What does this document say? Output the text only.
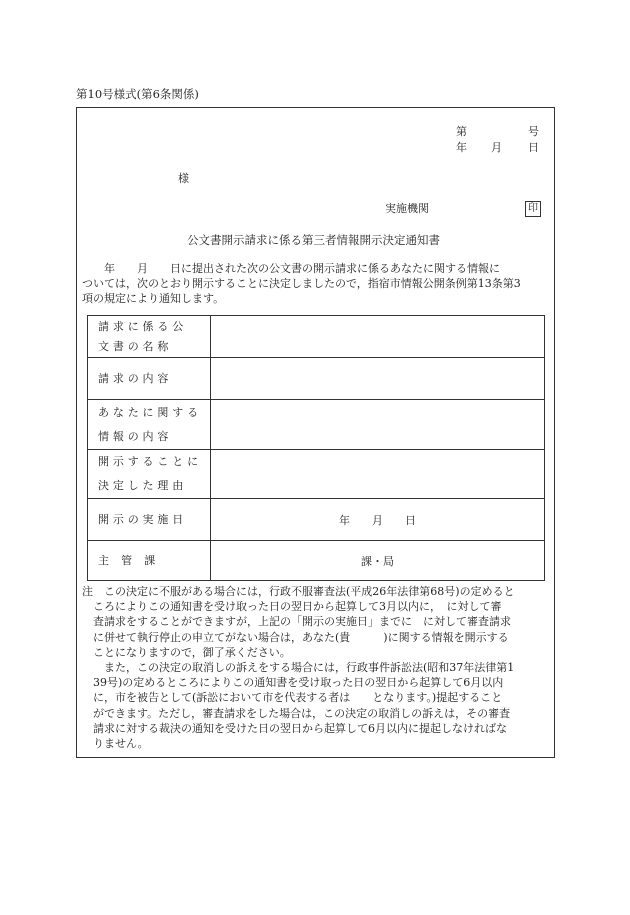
第10号様式(第6条関係)
第	号
年 月 日
様
実施機関	印
公文書開示請求に係る第三者情報開示決定通知書
　　年　　月　　日に提出された次の公文書の開示請求に係るあなたに関する情報に
ついては，次のとおり開示することに決定しましたので，指宿市情報公開条例第13条第3
項の規定により通知します。
請求に係る公
文書の名称	

請求の内容	

あなたに関する
情報の内容	

開示することに
決定した理由	

開示の実施日	年　　月　　日

主管課	課・局
注　この決定に不服がある場合には，行政不服審査法(平成26年法律第68号)の定めると
　ころによりこの通知書を受け取った日の翌日から起算して3月以内に，　に対して審
　査請求をすることができますが，上記の「開示の実施日」までに　に対して審査請求
　に併せて執行停止の申立てがない場合は，あなた(貴　　　)に関する情報を開示する
　ことになりますので，御了承ください。
　　また，この決定の取消しの訴えをする場合には，行政事件訴訟法(昭和37年法律第1
　39号)の定めるところによりこの通知書を受け取った日の翌日から起算して6月以内
　に，市を被告として(訴訟において市を代表する者は　　となります。)提起すること
　ができます。ただし，審査請求をした場合は，この決定の取消しの訴えは，その審査
　請求に対する裁決の通知を受けた日の翌日から起算して6月以内に提起しなければな
　りません。
